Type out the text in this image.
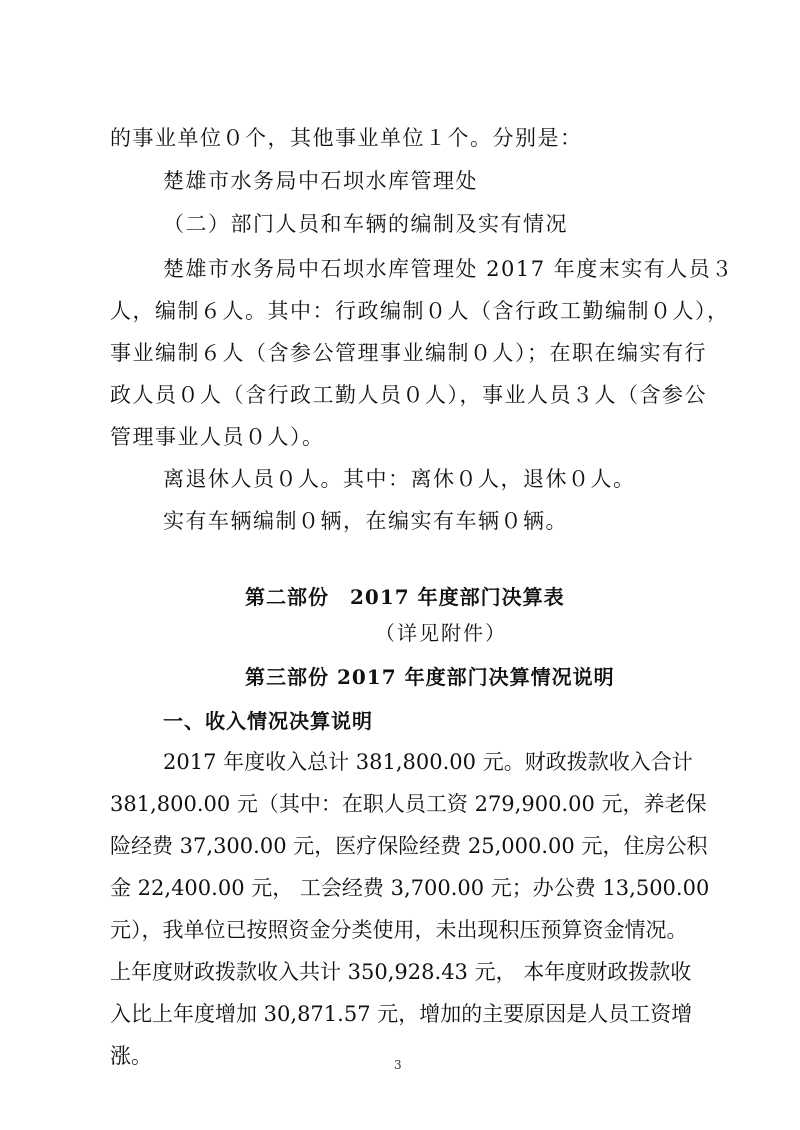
的事业单位０个，其他事业单位１个。分别是：
楚雄市水务局中石坝水库管理处
（二）部门人员和车辆的编制及实有情况
楚雄市水务局中石坝水库管理处 2017 年度末实有人员３
人，编制６人。其中：行政编制０人（含行政工勤编制０人），
事业编制６人（含参公管理事业编制０人）；在职在编实有行
政人员０人（含行政工勤人员０人），事业人员３人（含参公
管理事业人员０人）。
离退休人员０人。其中：离休０人，退休０人。
实有车辆编制０辆，在编实有车辆０辆。
第二部份　2017 年度部门决算表
（详见附件）
第三部份 2017 年度部门决算情况说明
一、收入情况决算说明
2017 年度收入总计 381,800.00 元。财政拨款收入合计
381,800.00 元（其中：在职人员工资 279,900.00 元，养老保
险经费 37,300.00 元，医疗保险经费 25,000.00 元，住房公积
金 22,400.00 元， 工会经费 3,700.00 元；办公费 13,500.00
元），我单位已按照资金分类使用，未出现积压预算资金情况。
上年度财政拨款收入共计 350,928.43 元， 本年度财政拨款收
入比上年度增加 30,871.57 元，增加的主要原因是人员工资增
涨。	3
